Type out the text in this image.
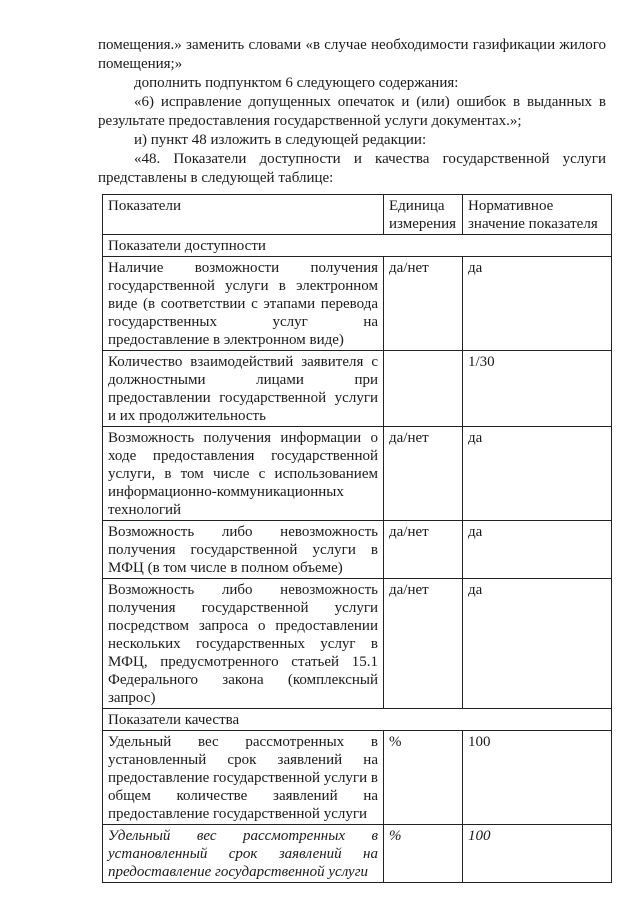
помещения.» заменить словами «в случае необходимости газификации жилого помещения;»

дополнить подпунктом 6 следующего содержания:

«6) исправление допущенных опечаток и (или) ошибок в выданных в результате предоставления государственной услуги документах.»;

и) пункт 48 изложить в следующей редакции:

«48. Показатели доступности и качества государственной услуги представлены в следующей таблице:

Показатели	Единица измерения	Нормативное значение показателя
Показатели доступности		
Наличие возможности получения государственной услуги в электронном виде (в соответствии с этапами перевода государственных услуг на предоставление в электронном виде)	да/нет	да
Количество взаимодействий заявителя с должностными лицами при предоставлении государственной услуги и их продолжительность		1/30
Возможность получения информации о ходе предоставления государственной услуги, в том числе с использованием информационно-коммуникационных технологий	да/нет	да
Возможность либо невозможность получения государственной услуги в МФЦ (в том числе в полном объеме)	да/нет	да
Возможность либо невозможность получения государственной услуги посредством запроса о предоставлении нескольких государственных услуг в МФЦ, предусмотренного статьей 15.1 Федерального закона (комплексный запрос)	да/нет	да
Показатели качества		
Удельный вес рассмотренных в установленный срок заявлений на предоставление государственной услуги в общем количестве заявлений на предоставление государственной услуги	%	100
Удельный вес рассмотренных в установленный срок заявлений на предоставление государственной услуги	%	100
